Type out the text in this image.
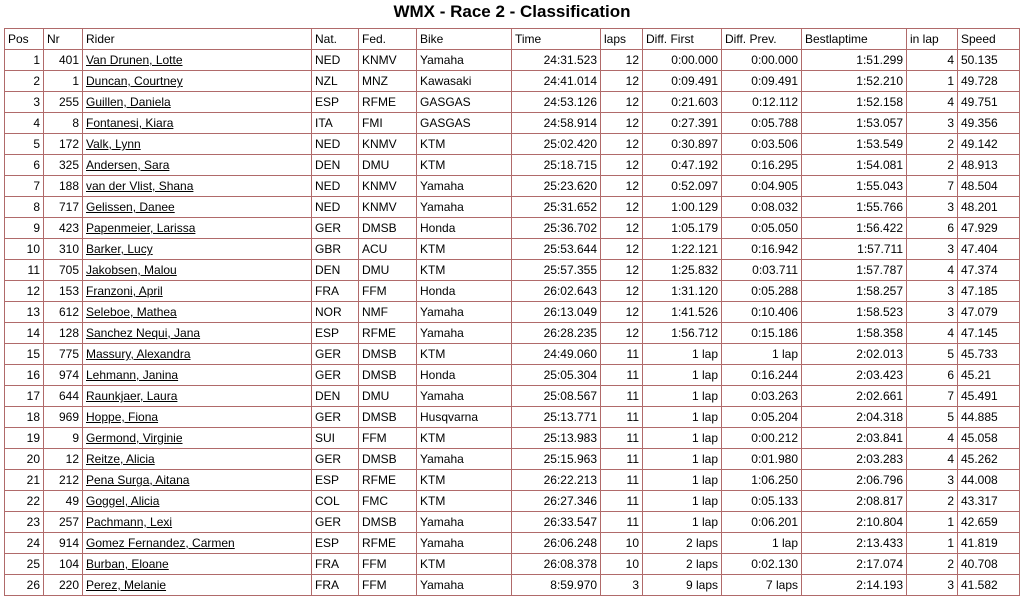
WMX - Race 2 - Classification
Pos	Nr	Rider	Nat.	Fed.	Bike	Time	laps	Diff. First	Diff. Prev.	Bestlaptime	in lap	Speed
1	401	Van Drunen, Lotte	NED	KNMV	Yamaha	24:31.523	12	0:00.000	0:00.000	1:51.299	4	50.135
2	1	Duncan, Courtney	NZL	MNZ	Kawasaki	24:41.014	12	0:09.491	0:09.491	1:52.210	1	49.728
3	255	Guillen, Daniela	ESP	RFME	GASGAS	24:53.126	12	0:21.603	0:12.112	1:52.158	4	49.751
4	8	Fontanesi, Kiara	ITA	FMI	GASGAS	24:58.914	12	0:27.391	0:05.788	1:53.057	3	49.356
5	172	Valk, Lynn	NED	KNMV	KTM	25:02.420	12	0:30.897	0:03.506	1:53.549	2	49.142
6	325	Andersen, Sara	DEN	DMU	KTM	25:18.715	12	0:47.192	0:16.295	1:54.081	2	48.913
7	188	van der Vlist, Shana	NED	KNMV	Yamaha	25:23.620	12	0:52.097	0:04.905	1:55.043	7	48.504
8	717	Gelissen, Danee	NED	KNMV	Yamaha	25:31.652	12	1:00.129	0:08.032	1:55.766	3	48.201
9	423	Papenmeier, Larissa	GER	DMSB	Honda	25:36.702	12	1:05.179	0:05.050	1:56.422	6	47.929
10	310	Barker, Lucy	GBR	ACU	KTM	25:53.644	12	1:22.121	0:16.942	1:57.711	3	47.404
11	705	Jakobsen, Malou	DEN	DMU	KTM	25:57.355	12	1:25.832	0:03.711	1:57.787	4	47.374
12	153	Franzoni, April	FRA	FFM	Honda	26:02.643	12	1:31.120	0:05.288	1:58.257	3	47.185
13	612	Seleboe, Mathea	NOR	NMF	Yamaha	26:13.049	12	1:41.526	0:10.406	1:58.523	3	47.079
14	128	Sanchez Nequi, Jana	ESP	RFME	Yamaha	26:28.235	12	1:56.712	0:15.186	1:58.358	4	47.145
15	775	Massury, Alexandra	GER	DMSB	KTM	24:49.060	11	1 lap	1 lap	2:02.013	5	45.733
16	974	Lehmann, Janina	GER	DMSB	Honda	25:05.304	11	1 lap	0:16.244	2:03.423	6	45.21
17	644	Raunkjaer, Laura	DEN	DMU	Yamaha	25:08.567	11	1 lap	0:03.263	2:02.661	7	45.491
18	969	Hoppe, Fiona	GER	DMSB	Husqvarna	25:13.771	11	1 lap	0:05.204	2:04.318	5	44.885
19	9	Germond, Virginie	SUI	FFM	KTM	25:13.983	11	1 lap	0:00.212	2:03.841	4	45.058
20	12	Reitze, Alicia	GER	DMSB	Yamaha	25:15.963	11	1 lap	0:01.980	2:03.283	4	45.262
21	212	Pena Surga, Aitana	ESP	RFME	KTM	26:22.213	11	1 lap	1:06.250	2:06.796	3	44.008
22	49	Goggel, Alicia	COL	FMC	KTM	26:27.346	11	1 lap	0:05.133	2:08.817	2	43.317
23	257	Pachmann, Lexi	GER	DMSB	Yamaha	26:33.547	11	1 lap	0:06.201	2:10.804	1	42.659
24	914	Gomez Fernandez, Carmen	ESP	RFME	Yamaha	26:06.248	10	2 laps	1 lap	2:13.433	1	41.819
25	104	Burban, Eloane	FRA	FFM	KTM	26:08.378	10	2 laps	0:02.130	2:17.074	2	40.708
26	220	Perez, Melanie	FRA	FFM	Yamaha	8:59.970	3	9 laps	7 laps	2:14.193	3	41.582
